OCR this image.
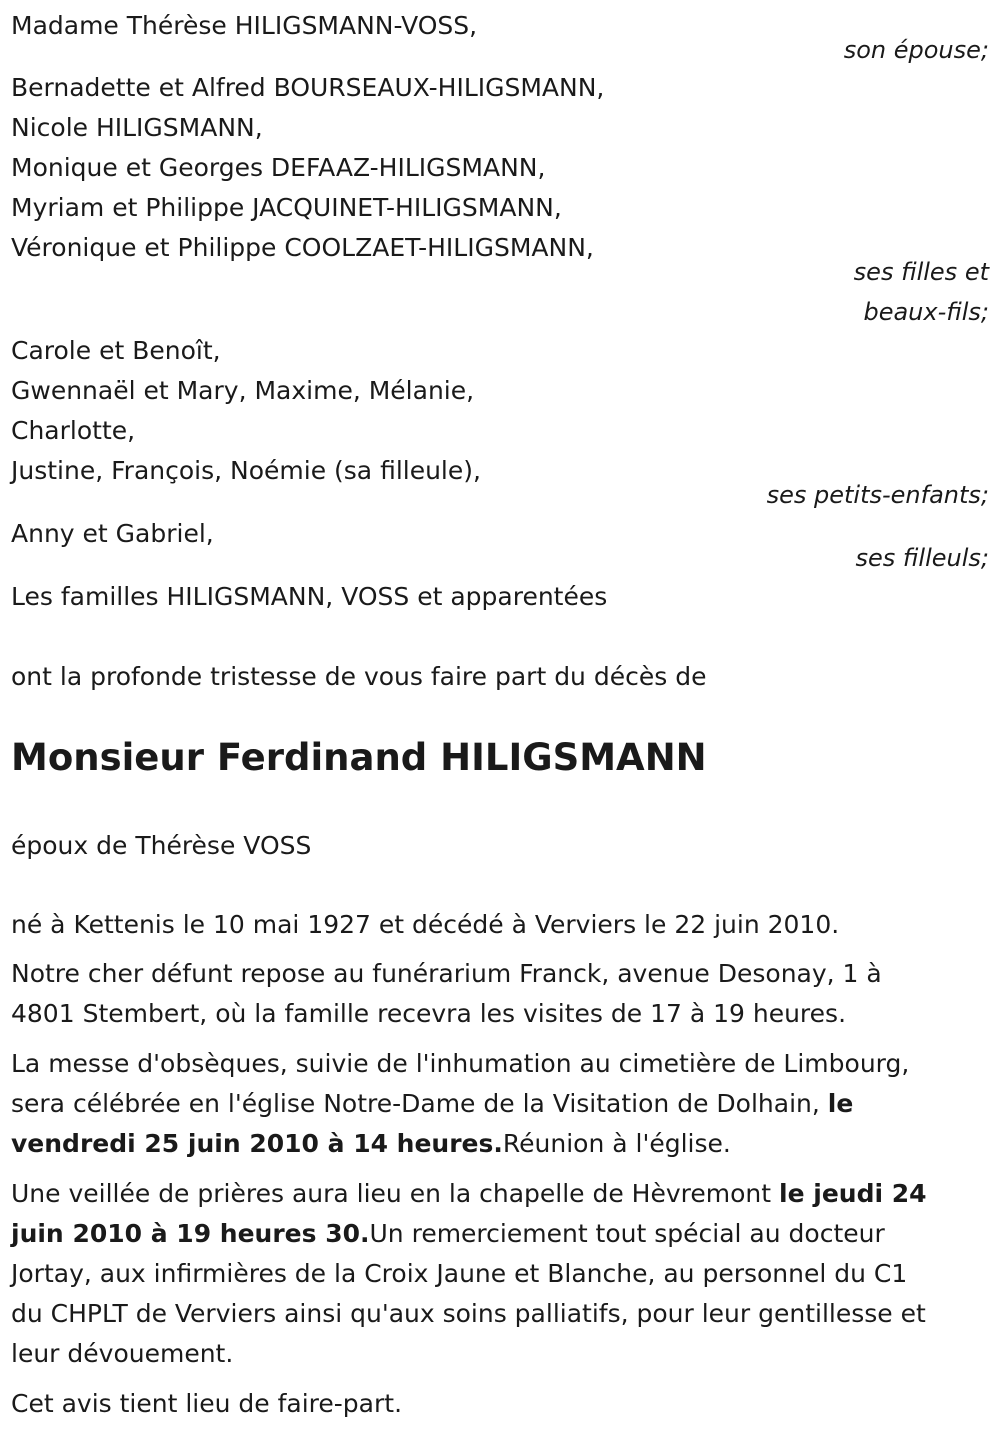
Madame Thérèse HILIGSMANN-VOSS,
son épouse;
Bernadette et Alfred BOURSEAUX-HILIGSMANN,
Nicole HILIGSMANN,
Monique et Georges DEFAAZ-HILIGSMANN,
Myriam et Philippe JACQUINET-HILIGSMANN,
Véronique et Philippe COOLZAET-HILIGSMANN,
ses filles et
beaux-fils;
Carole et Benoît,
Gwennaël et Mary, Maxime, Mélanie,
Charlotte,
Justine, François, Noémie (sa filleule),
ses petits-enfants;
Anny et Gabriel,
ses filleuls;
Les familles HILIGSMANN, VOSS et apparentées
ont la profonde tristesse de vous faire part du décès de
Monsieur Ferdinand HILIGSMANN
époux de Thérèse VOSS
né à Kettenis le 10 mai 1927 et décédé à Verviers le 22 juin 2010.
Notre cher défunt repose au funérarium Franck, avenue Desonay, 1 à
4801 Stembert, où la famille recevra les visites de 17 à 19 heures.
La messe d'obsèques, suivie de l'inhumation au cimetière de Limbourg,
sera célébrée en l'église Notre-Dame de la Visitation de Dolhain, le
vendredi 25 juin 2010 à 14 heures.Réunion à l'église.
Une veillée de prières aura lieu en la chapelle de Hèvremont le jeudi 24
juin 2010 à 19 heures 30.Un remerciement tout spécial au docteur
Jortay, aux infirmières de la Croix Jaune et Blanche, au personnel du C1
du CHPLT de Verviers ainsi qu'aux soins palliatifs, pour leur gentillesse et
leur dévouement.
Cet avis tient lieu de faire-part.
